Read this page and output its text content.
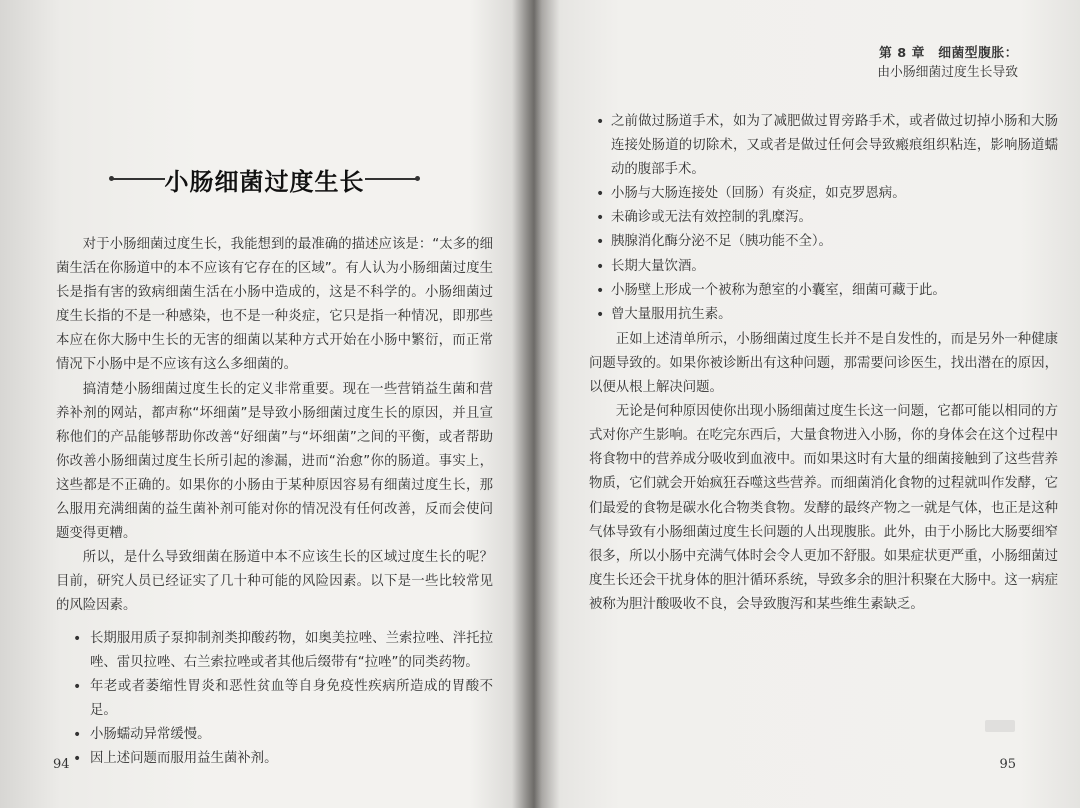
小肠细菌过度生长

对于小肠细菌过度生长，我能想到的最准确的描述应该是：“太多的细菌生活在你肠道中的本不应该有它存在的区域”。有人认为小肠细菌过度生长是指有害的致病细菌生活在小肠中造成的，这是不科学的。小肠细菌过度生长指的不是一种感染，也不是一种炎症，它只是指一种情况，即那些本应在你大肠中生长的无害的细菌以某种方式开始在小肠中繁衍，而正常情况下小肠中是不应该有这么多细菌的。

搞清楚小肠细菌过度生长的定义非常重要。现在一些营销益生菌和营养补剂的网站，都声称“坏细菌”是导致小肠细菌过度生长的原因，并且宣称他们的产品能够帮助你改善“好细菌”与“坏细菌”之间的平衡，或者帮助你改善小肠细菌过度生长所引起的渗漏，进而“治愈”你的肠道。事实上，这些都是不正确的。如果你的小肠由于某种原因容易有细菌过度生长，那么服用充满细菌的益生菌补剂可能对你的情况没有任何改善，反而会使问题变得更糟。

所以，是什么导致细菌在肠道中本不应该生长的区域过度生长的呢？目前，研究人员已经证实了几十种可能的风险因素。以下是一些比较常见的风险因素。

• 长期服用质子泵抑制剂类抑酸药物，如奥美拉唑、兰索拉唑、泮托拉唑、雷贝拉唑、右兰索拉唑或者其他后缀带有“拉唑”的同类药物。
• 年老或者萎缩性胃炎和恶性贫血等自身免疫性疾病所造成的胃酸不足。
• 小肠蠕动异常缓慢。
• 因上述问题而服用益生菌补剂。
94
第 8 章　细菌型腹胀：
由小肠细菌过度生长导致
• 之前做过肠道手术，如为了减肥做过胃旁路手术，或者做过切掉小肠和大肠连接处肠道的切除术，又或者是做过任何会导致瘢痕组织粘连，影响肠道蠕动的腹部手术。
• 小肠与大肠连接处（回肠）有炎症，如克罗恩病。
• 未确诊或无法有效控制的乳糜泻。
• 胰腺消化酶分泌不足（胰功能不全）。
• 长期大量饮酒。
• 小肠壁上形成一个被称为憩室的小囊室，细菌可藏于此。
• 曾大量服用抗生素。

正如上述清单所示，小肠细菌过度生长并不是自发性的，而是另外一种健康问题导致的。如果你被诊断出有这种问题，那需要问诊医生，找出潜在的原因，以便从根上解决问题。

无论是何种原因使你出现小肠细菌过度生长这一问题，它都可能以相同的方式对你产生影响。在吃完东西后，大量食物进入小肠，你的身体会在这个过程中将食物中的营养成分吸收到血液中。而如果这时有大量的细菌接触到了这些营养物质，它们就会开始疯狂吞噬这些营养。而细菌消化食物的过程就叫作发酵，它们最爱的食物是碳水化合物类食物。发酵的最终产物之一就是气体，也正是这种气体导致有小肠细菌过度生长问题的人出现腹胀。此外，由于小肠比大肠要细窄很多，所以小肠中充满气体时会令人更加不舒服。如果症状更严重，小肠细菌过度生长还会干扰身体的胆汁循环系统，导致多余的胆汁积聚在大肠中。这一病症被称为胆汁酸吸收不良，会导致腹泻和某些维生素缺乏。

95
